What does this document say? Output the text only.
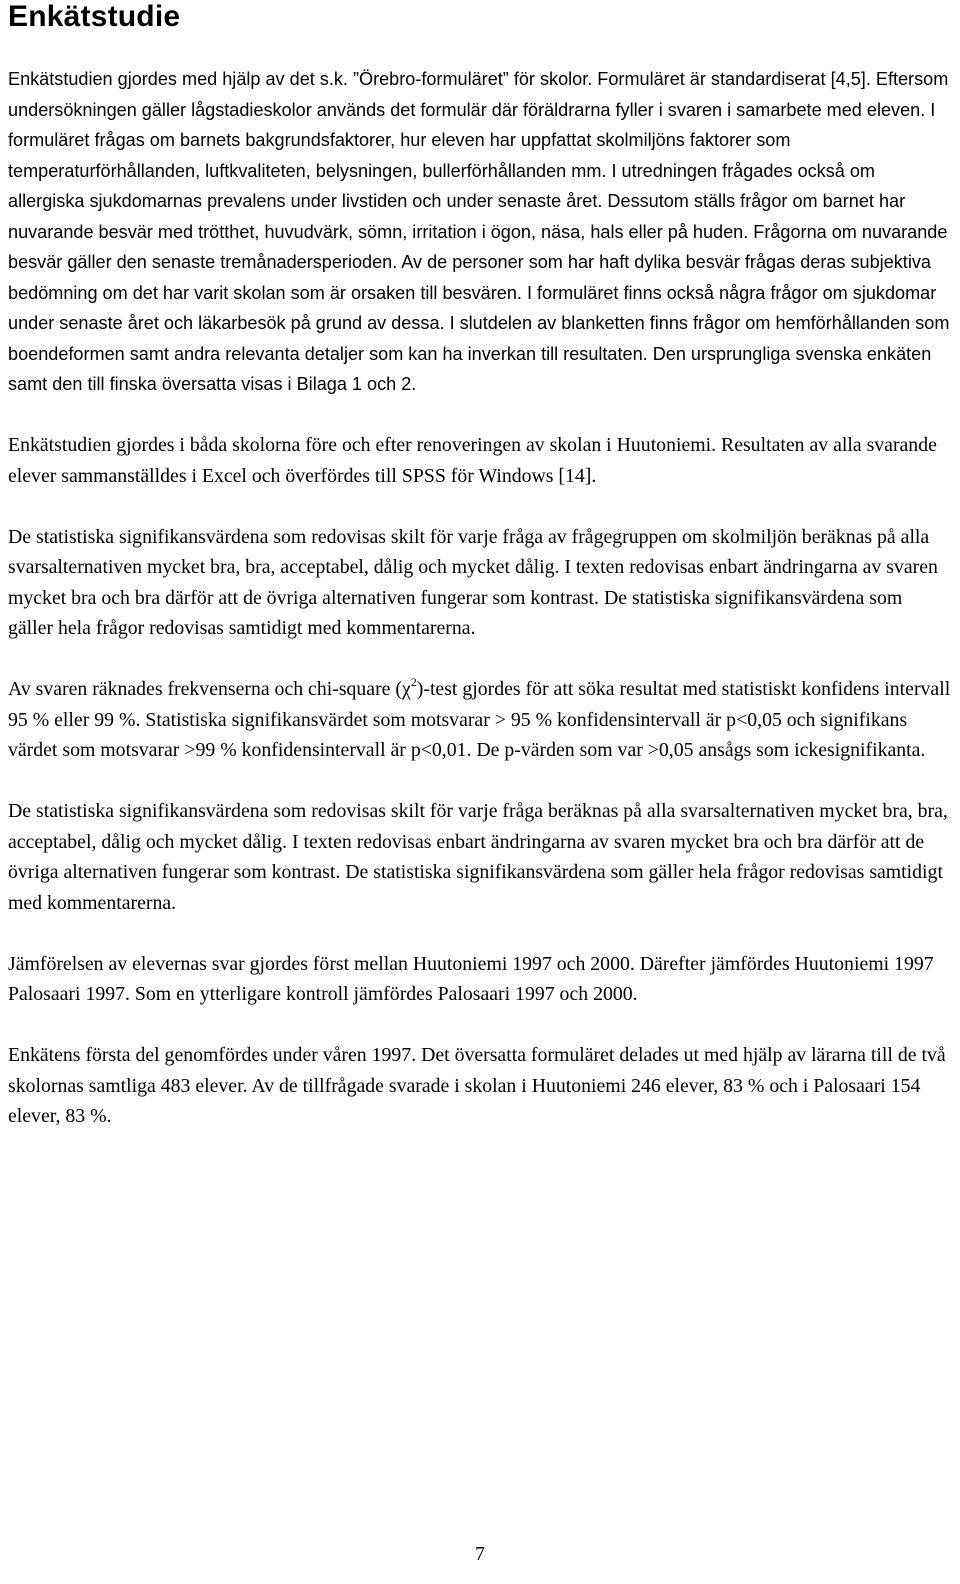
Enkätstudie

Enkätstudien gjordes med hjälp av det s.k. ”Örebro-formuläret” för skolor. Formuläret är standardiserat [4,5]. Eftersom undersökningen gäller lågstadieskolor används det formulär där föräldrarna fyller i svaren i samarbete med eleven. I formuläret frågas om barnets bakgrundsfaktorer, hur eleven har uppfattat skolmiljöns faktorer som temperaturförhållanden, luftkvaliteten, belysningen, bullerförhållanden mm. I utredningen frågades också om allergiska sjukdomarnas prevalens under livstiden och under senaste året. Dessutom ställs frågor om barnet har nuvarande besvär med trötthet, huvudvärk, sömn, irritation i ögon, näsa, hals eller på huden. Frågorna om nuvarande besvär gäller den senaste tremånadersperioden. Av de personer som har haft dylika besvär frågas deras subjektiva bedömning om det har varit skolan som är orsaken till besvären. I formuläret finns också några frågor om sjukdomar under senaste året och läkarbesök på grund av dessa. I slutdelen av blanketten finns frågor om hemförhållanden som boendeformen samt andra relevanta detaljer som kan ha inverkan till resultaten. Den ursprungliga svenska enkäten samt den till finska översatta visas i Bilaga 1 och 2.

Enkätstudien gjordes i båda skolorna före och efter renoveringen av skolan i Huutoniemi. Resultaten av alla svarande elever sammanställdes i Excel och överfördes till SPSS för Windows [14].

De statistiska signifikansvärdena som redovisas skilt för varje fråga av frågegruppen om skolmiljön beräknas på alla svarsalternativen mycket bra, bra, acceptabel, dålig och mycket dålig. I texten redovisas enbart ändringarna av svaren mycket bra och bra därför att de övriga alternativen fungerar som kontrast. De statistiska signifikansvärdena som gäller hela frågor redovisas samtidigt med kommentarerna.

Av svaren räknades frekvenserna och chi-square $(\chi^2)$-test gjordes för att söka resultat med statistiskt konfidens intervall 95 % eller 99 %. Statistiska signifikansvärdet som motsvarar > 95 % konfidensintervall är p<0,05 och signifikans värdet som motsvarar >99 % konfidensintervall är p<0,01. De p-värden som var >0,05 ansågs som ickesignifikanta.

De statistiska signifikansvärdena som redovisas skilt för varje fråga beräknas på alla svarsalternativen mycket bra, bra, acceptabel, dålig och mycket dålig. I texten redovisas enbart ändringarna av svaren mycket bra och bra därför att de övriga alternativen fungerar som kontrast. De statistiska signifikansvärdena som gäller hela frågor redovisas samtidigt med kommentarerna.

Jämförelsen av elevernas svar gjordes först mellan Huutoniemi 1997 och 2000. Därefter jämfördes Huutoniemi 1997 Palosaari 1997. Som en ytterligare kontroll jämfördes Palosaari 1997 och 2000.

Enkätens första del genomfördes under våren 1997. Det översatta formuläret delades ut med hjälp av lärarna till de två skolornas samtliga 483 elever. Av de tillfrågade svarade i skolan i Huutoniemi 246 elever, 83 % och i Palosaari 154 elever, 83 %.

7
